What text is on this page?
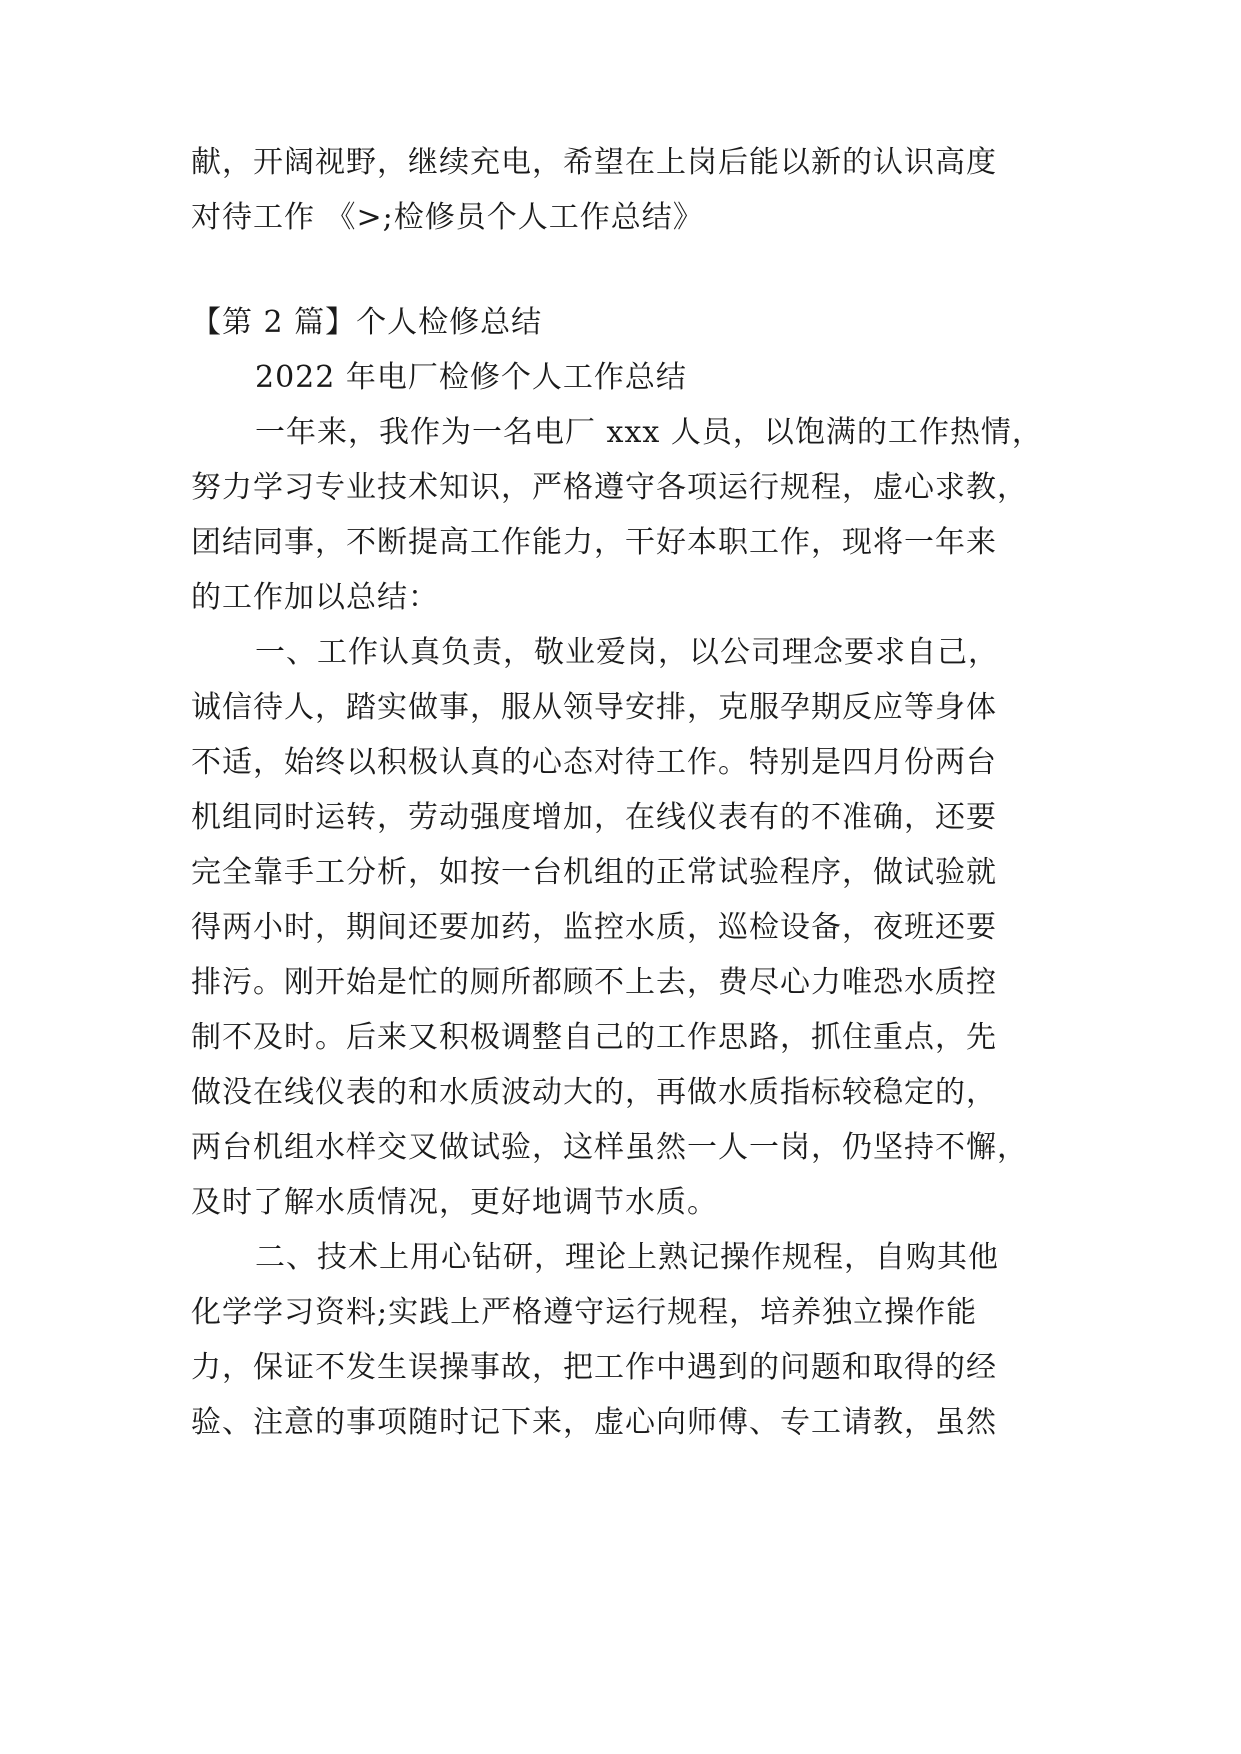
献，开阔视野，继续充电，希望在上岗后能以新的认识高度
对待工作 《>;检修员个人工作总结》
【第 2 篇】个人检修总结
2022 年电厂检修个人工作总结
一年来，我作为一名电厂 xxx 人员，以饱满的工作热情，
努力学习专业技术知识，严格遵守各项运行规程，虚心求教，
团结同事，不断提高工作能力，干好本职工作，现将一年来
的工作加以总结：
一、工作认真负责，敬业爱岗，以公司理念要求自己，
诚信待人，踏实做事，服从领导安排，克服孕期反应等身体
不适，始终以积极认真的心态对待工作。特别是四月份两台
机组同时运转，劳动强度增加，在线仪表有的不准确，还要
完全靠手工分析，如按一台机组的正常试验程序，做试验就
得两小时，期间还要加药，监控水质，巡检设备，夜班还要
排污。刚开始是忙的厕所都顾不上去，费尽心力唯恐水质控
制不及时。后来又积极调整自己的工作思路，抓住重点，先
做没在线仪表的和水质波动大的，再做水质指标较稳定的，
两台机组水样交叉做试验，这样虽然一人一岗，仍坚持不懈，
及时了解水质情况，更好地调节水质。
二、技术上用心钻研，理论上熟记操作规程，自购其他
化学学习资料;实践上严格遵守运行规程，培养独立操作能
力，保证不发生误操事故，把工作中遇到的问题和取得的经
验、注意的事项随时记下来，虚心向师傅、专工请教，虽然
